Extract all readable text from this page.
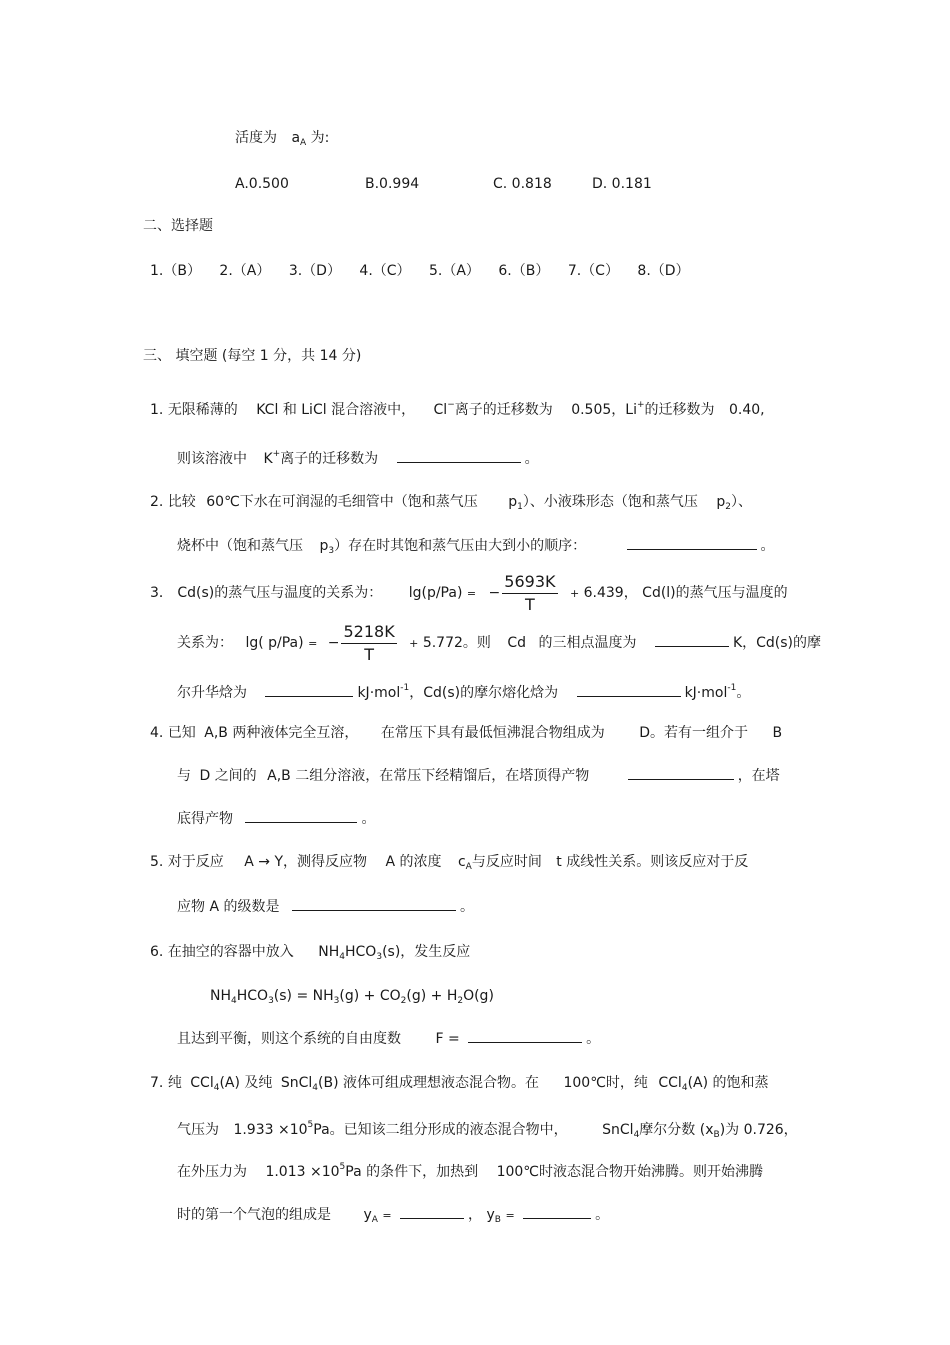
活度为 $a_A$ 为:
A.0.500	B.0.994	C. 0.818	D. 0.181
二、选择题
1.（B） 2.（A） 3.（D） 4.（C） 5.（A） 6.（B） 7.（C） 8.（D）
三、 填空题 (每空 1 分，共 14 分)
1. 无限稀薄的 KCl 和 LiCl 混合溶液中， Cl−离子的迁移数为 0.505，Li+的迁移数为 0.40,
则该溶液中 K+离子的迁移数为	。
2. 比较 60℃下水在可润湿的毛细管中（饱和蒸气压 $p_1$）、小液珠形态（饱和蒸气压 $p_2$）、
烧杯中（饱和蒸气压 $p_3$）存在时其饱和蒸气压由大到小的顺序：	。
3． Cd(s)的蒸气压与温度的关系为： lg(p/Pa) = − $\frac{5693K}{T} + 6.439$， Cd(l)的蒸气压与温度的
关系为： lg( p/Pa) = − $\frac{5218K}{T} + 5.772$。则 Cd 的三相点温度为	K，Cd(s)的摩
尔升华焓为	kJ·mol$^{-1}$，Cd(s)的摩尔熔化焓为	kJ·mol$^{-1}$。
4. 已知 A,B 两种液体完全互溶， 在常压下具有最低恒沸混合物组成为 D。若有一组介于 B
与 D 之间的 A,B 二组分溶液，在常压下经精馏后，在塔顶得产物	，在塔
底得产物	。
5. 对于反应 A → Y，测得反应物 A 的浓度 $c_A$与反应时间 t 成线性关系。则该反应对于反
应物 A 的级数是	。
6. 在抽空的容器中放入 $NH_4HCO_3(s)$，发生反应
$NH_4HCO_3(s) = NH_3(g) + CO_2(g) + H_2O(g)$
且达到平衡，则这个系统的自由度数 F =	。
7. 纯 CCl$_4$(A) 及纯 SnCl$_4$(B) 液体可组成理想液态混合物。在 100℃时，纯 CCl$_4$(A) 的饱和蒸
气压为 $1.933 \times 10^5Pa$。已知该二组分形成的液态混合物中， SnCl$_4$摩尔分数 $(x_B)$为 0.726，
在外压力为 $1.013 \times 10^5Pa$ 的条件下，加热到 100℃时液态混合物开始沸腾。则开始沸腾
时的第一个气泡的组成是 $y_A$ =	， $y_B$ =	。
